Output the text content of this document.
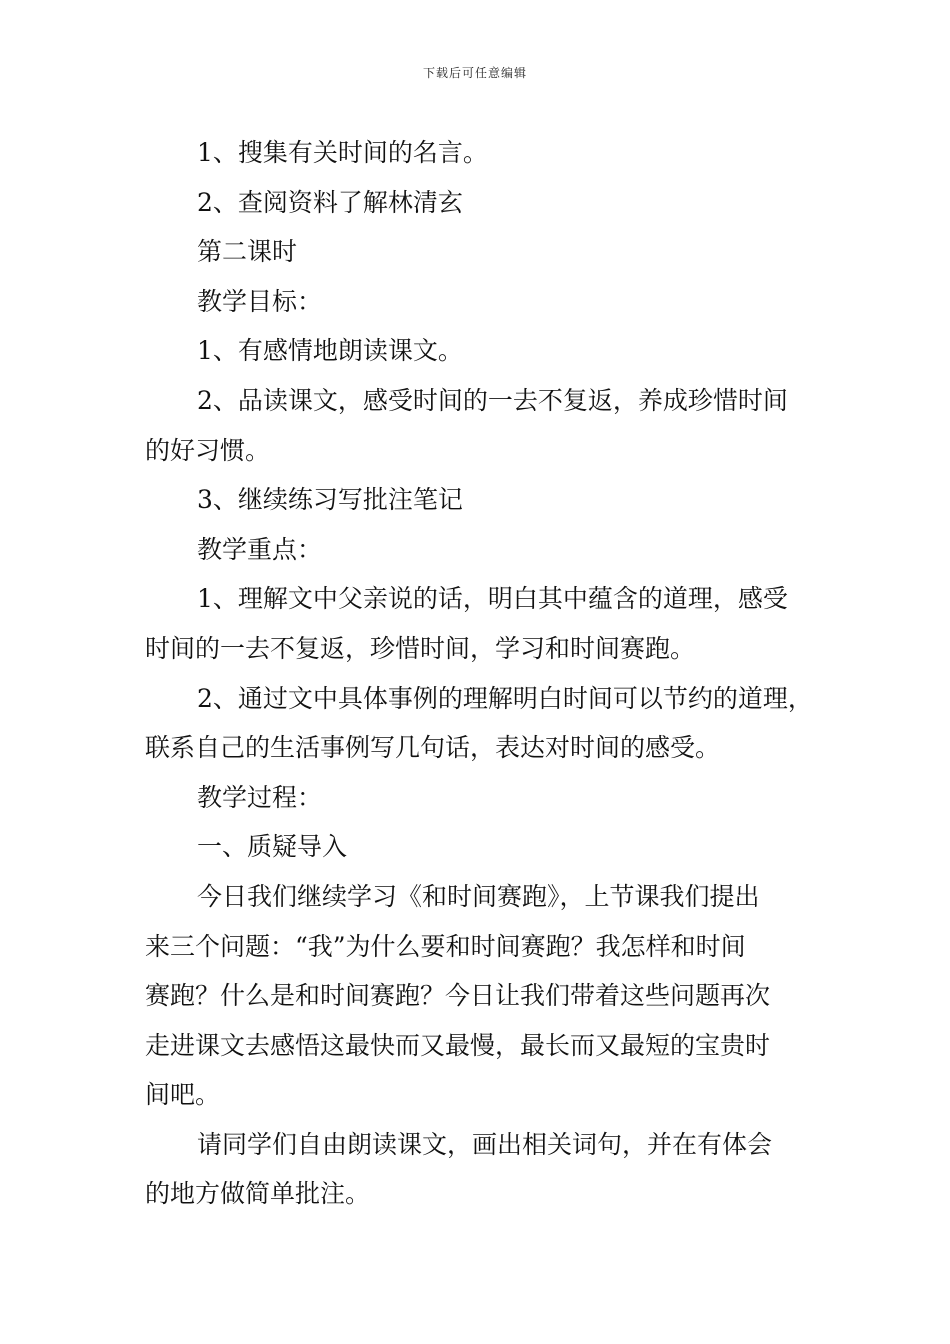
下载后可任意编辑
1、搜集有关时间的名言。
2、查阅资料了解林清玄
第二课时
教学目标：
1、有感情地朗读课文。
2、品读课文，感受时间的一去不复返，养成珍惜时间
的好习惯。
3、继续练习写批注笔记
教学重点：
1、理解文中父亲说的话，明白其中蕴含的道理，感受
时间的一去不复返，珍惜时间，学习和时间赛跑。
2、通过文中具体事例的理解明白时间可以节约的道理，
联系自己的生活事例写几句话，表达对时间的感受。
教学过程：
一、质疑导入
今日我们继续学习《和时间赛跑》，上节课我们提出
来三个问题：“我”为什么要和时间赛跑？我怎样和时间
赛跑？什么是和时间赛跑？今日让我们带着这些问题再次
走进课文去感悟这最快而又最慢，最长而又最短的宝贵时
间吧。
请同学们自由朗读课文，画出相关词句，并在有体会
的地方做简单批注。
